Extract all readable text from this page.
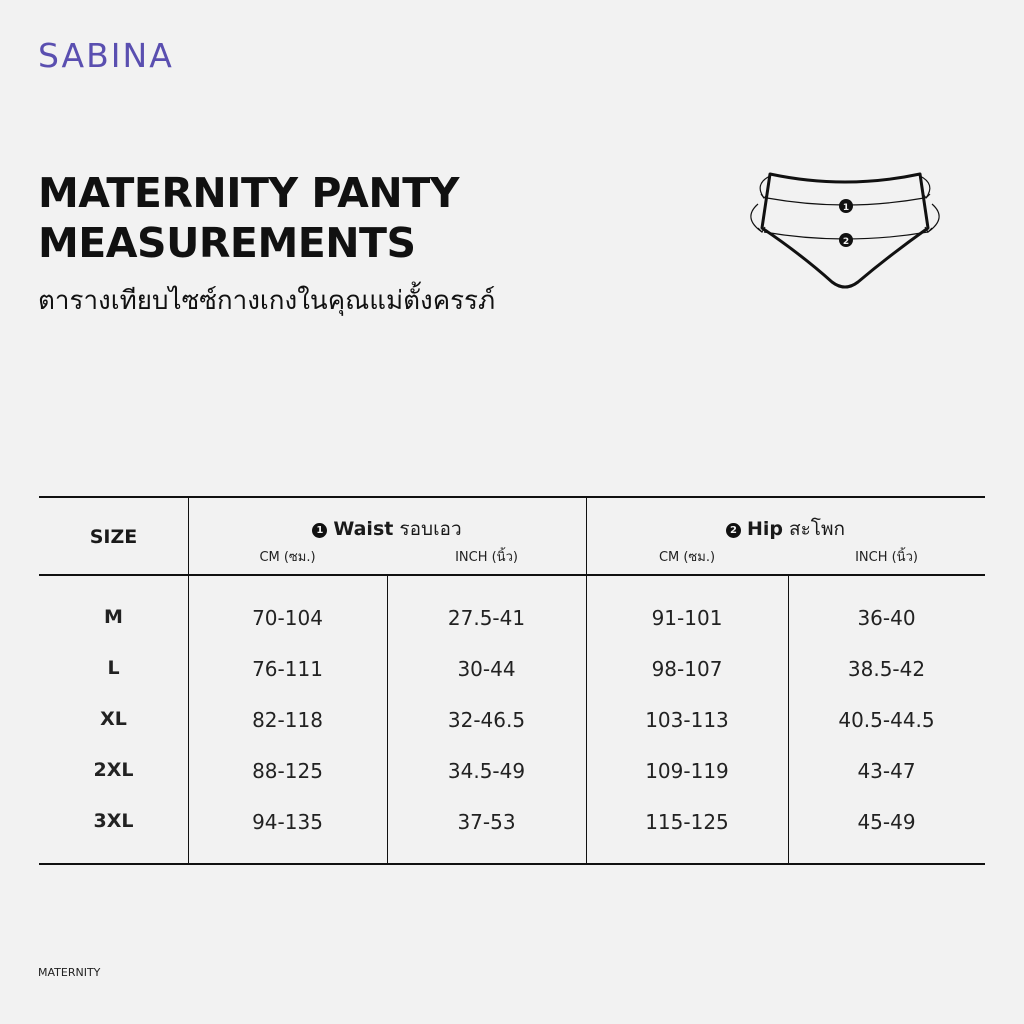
SABINA
MATERNITY PANTY
MEASUREMENTS
ตารางเทียบไซซ์กางเกงในคุณแม่ตั้งครรภ์
1
2
SIZE	1 Waist รอบเอว
CM (ซม.)	INCH (นิ้ว)
2 Hip สะโพก
CM (ซม.)	INCH (นิ้ว)
M	70-104	27.5-41	91-101	36-40
L	76-111	30-44	98-107	38.5-42
XL	82-118	32-46.5	103-113	40.5-44.5
2XL	88-125	34.5-49	109-119	43-47
3XL	94-135	37-53	115-125	45-49
MATERNITY
